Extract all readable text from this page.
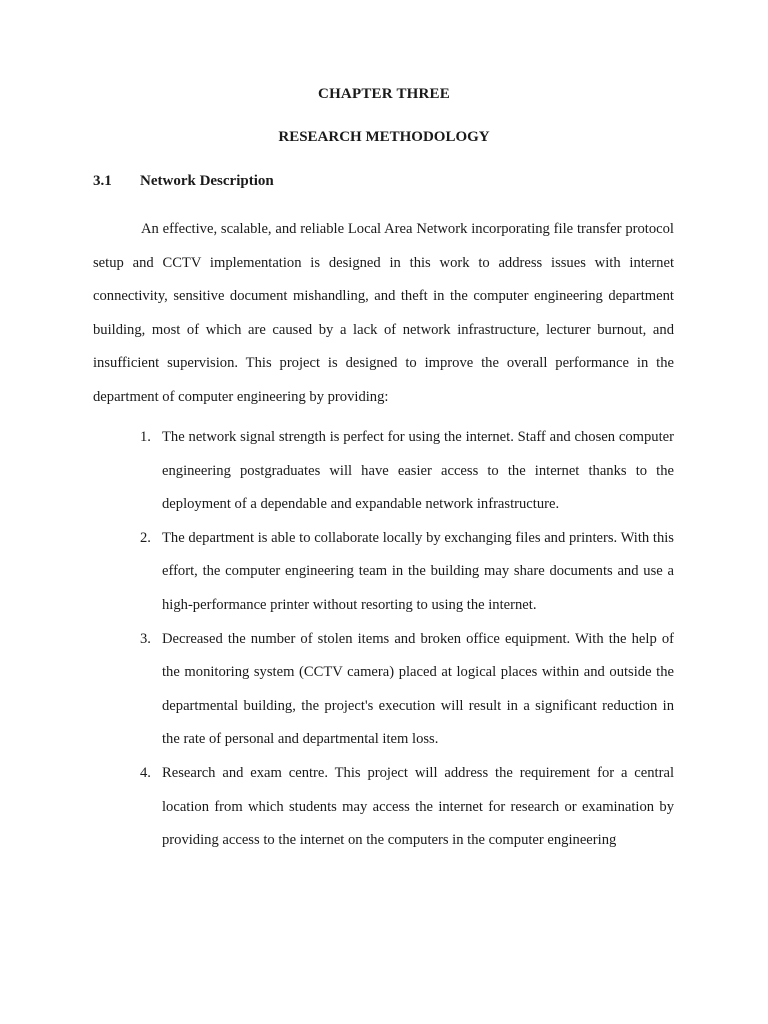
CHAPTER THREE
RESEARCH METHODOLOGY
3.1 Network Description

An effective, scalable, and reliable Local Area Network incorporating file transfer protocol setup and CCTV implementation is designed in this work to address issues with internet connectivity, sensitive document mishandling, and theft in the computer engineering department building, most of which are caused by a lack of network infrastructure, lecturer burnout, and insufficient supervision. This project is designed to improve the overall performance in the department of computer engineering by providing:

1. The network signal strength is perfect for using the internet. Staff and chosen computer engineering postgraduates will have easier access to the internet thanks to the deployment of a dependable and expandable network infrastructure.
2. The department is able to collaborate locally by exchanging files and printers. With this effort, the computer engineering team in the building may share documents and use a high-performance printer without resorting to using the internet.
3. Decreased the number of stolen items and broken office equipment. With the help of the monitoring system (CCTV camera) placed at logical places within and outside the departmental building, the project's execution will result in a significant reduction in the rate of personal and departmental item loss.
4. Research and exam centre. This project will address the requirement for a central location from which students may access the internet for research or examination by providing access to the internet on the computers in the computer engineering
